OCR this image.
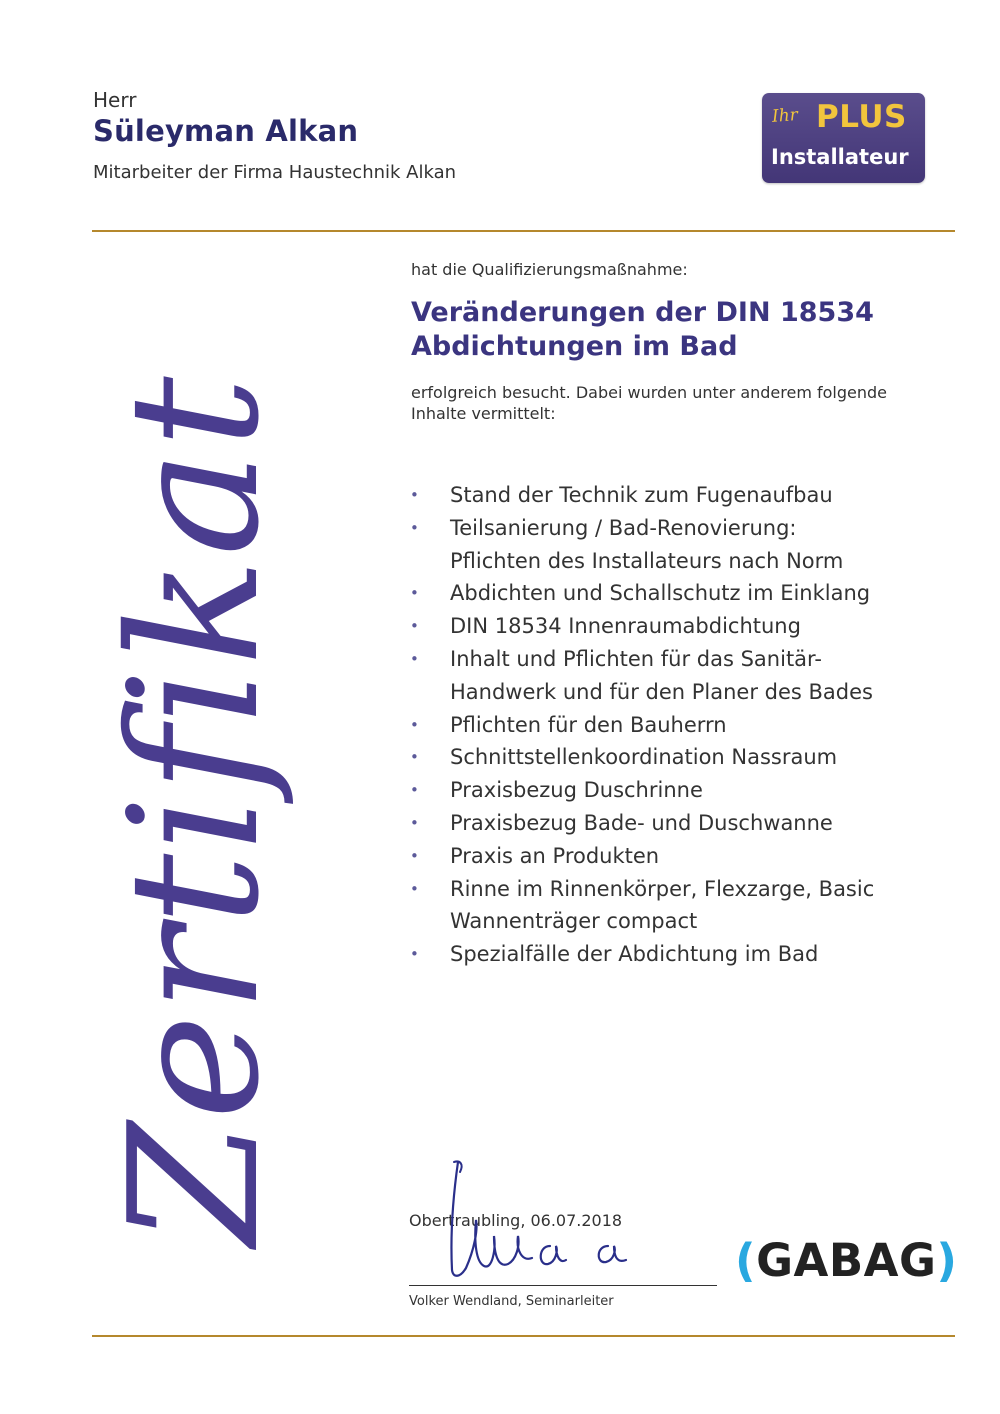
Zertifikat
Herr
Süleyman Alkan
Mitarbeiter der Firma Haustechnik Alkan
Ihr PLUS
Installateur
hat die Qualifizierungsmaßnahme:
Veränderungen der DIN 18534
Abdichtungen im Bad
erfolgreich besucht. Dabei wurden unter anderem folgende Inhalte vermittelt:
• Stand der Technik zum Fugenaufbau
• Teilsanierung / Bad-Renovierung:
Pflichten des Installateurs nach Norm
• Abdichten und Schallschutz im Einklang
• DIN 18534 Innenraumabdichtung
• Inhalt und Pflichten für das Sanitär-
Handwerk und für den Planer des Bades
• Pflichten für den Bauherrn
• Schnittstellenkoordination Nassraum
• Praxisbezug Duschrinne
• Praxisbezug Bade- und Duschwanne
• Praxis an Produkten
• Rinne im Rinnenkörper, Flexzarge, Basic
Wannenträger compact
• Spezialfälle der Abdichtung im Bad
Obertraubling, 06.07.2018
Volker Wendland, Seminarleiter
(GABAG)
